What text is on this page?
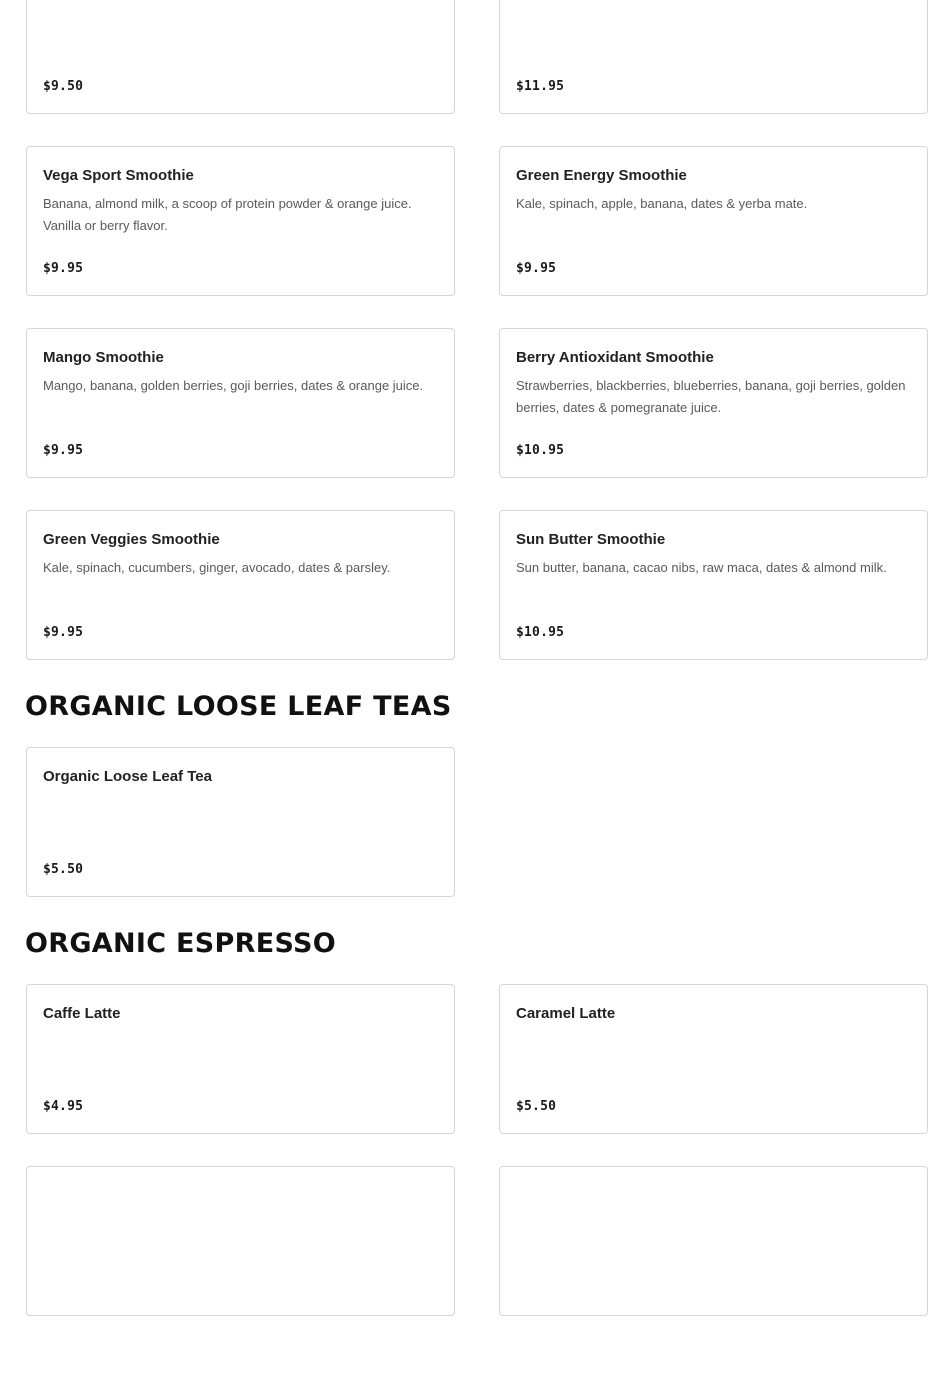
$9.50	$11.95
Vega Sport Smoothie
Banana, almond milk, a scoop of protein powder & orange juice. Vanilla or berry flavor.
$9.95
Green Energy Smoothie
Kale, spinach, apple, banana, dates & yerba mate.
$9.95
Mango Smoothie
Mango, banana, golden berries, goji berries, dates & orange juice.
$9.95
Berry Antioxidant Smoothie
Strawberries, blackberries, blueberries, banana, goji berries, golden berries, dates & pomegranate juice.
$10.95
Green Veggies Smoothie
Kale, spinach, cucumbers, ginger, avocado, dates & parsley.
$9.95
Sun Butter Smoothie
Sun butter, banana, cacao nibs, raw maca, dates & almond milk.
$10.95
ORGANIC LOOSE LEAF TEAS
Organic Loose Leaf Tea
$5.50
ORGANIC ESPRESSO
Caffe Latte
$4.95
Caramel Latte
$5.50
